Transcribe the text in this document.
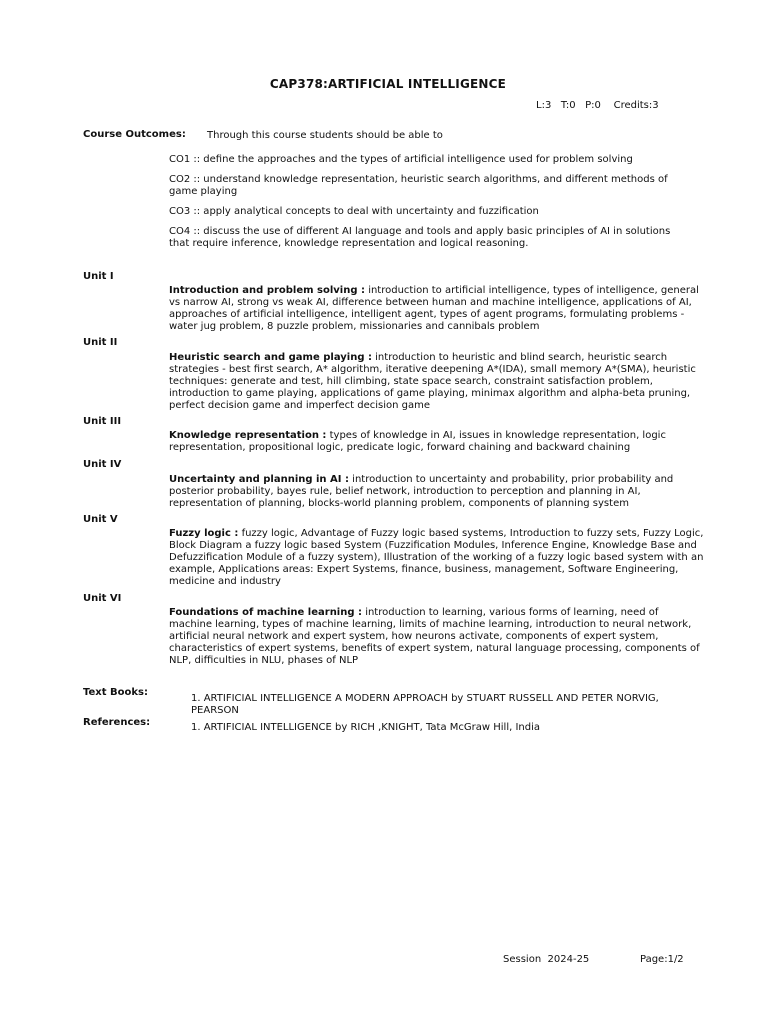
CAP378:ARTIFICIAL INTELLIGENCE
L:3   T:0   P:0    Credits:3
Course Outcomes: Through this course students should be able to
CO1 :: define the approaches and the types of artificial intelligence used for problem solving
CO2 :: understand knowledge representation, heuristic search algorithms, and different methods of game playing
CO3 :: apply analytical concepts to deal with uncertainty and fuzzification
CO4 :: discuss the use of different AI language and tools and apply basic principles of AI in solutions that require inference, knowledge representation and logical reasoning.
Unit I
Introduction and problem solving : introduction to artificial intelligence, types of intelligence, general vs narrow AI, strong vs weak AI, difference between human and machine intelligence, applications of AI, approaches of artificial intelligence, intelligent agent, types of agent programs, formulating problems - water jug problem, 8 puzzle problem, missionaries and cannibals problem
Unit II
Heuristic search and game playing : introduction to heuristic and blind search, heuristic search strategies - best first search, A* algorithm, iterative deepening A*(IDA), small memory A*(SMA), heuristic techniques: generate and test, hill climbing, state space search, constraint satisfaction problem, introduction to game playing, applications of game playing, minimax algorithm and alpha-beta pruning, perfect decision game and imperfect decision game
Unit III
Knowledge representation : types of knowledge in AI, issues in knowledge representation, logic representation, propositional logic, predicate logic, forward chaining and backward chaining
Unit IV
Uncertainty and planning in AI : introduction to uncertainty and probability, prior probability and posterior probability, bayes rule, belief network, introduction to perception and planning in AI, representation of planning, blocks-world planning problem, components of planning system
Unit V
Fuzzy logic : fuzzy logic, Advantage of Fuzzy logic based systems, Introduction to fuzzy sets, Fuzzy Logic, Block Diagram a fuzzy logic based System (Fuzzification Modules, Inference Engine, Knowledge Base and Defuzzification Module of a fuzzy system), Illustration of the working of a fuzzy logic based system with an example, Applications areas: Expert Systems, finance, business, management, Software Engineering, medicine and industry
Unit VI
Foundations of machine learning : introduction to learning, various forms of learning, need of machine learning, types of machine learning, limits of machine learning, introduction to neural network, artificial neural network and expert system, how neurons activate, components of expert system, characteristics of expert systems, benefits of expert system, natural language processing, components of NLP, difficulties in NLU, phases of NLP
Text Books:
1. ARTIFICIAL INTELLIGENCE A MODERN APPROACH by STUART RUSSELL AND PETER NORVIG, PEARSON
References:	1. ARTIFICIAL INTELLIGENCE by RICH ,KNIGHT, Tata McGraw Hill, India
Session  2024-25	Page:1/2
